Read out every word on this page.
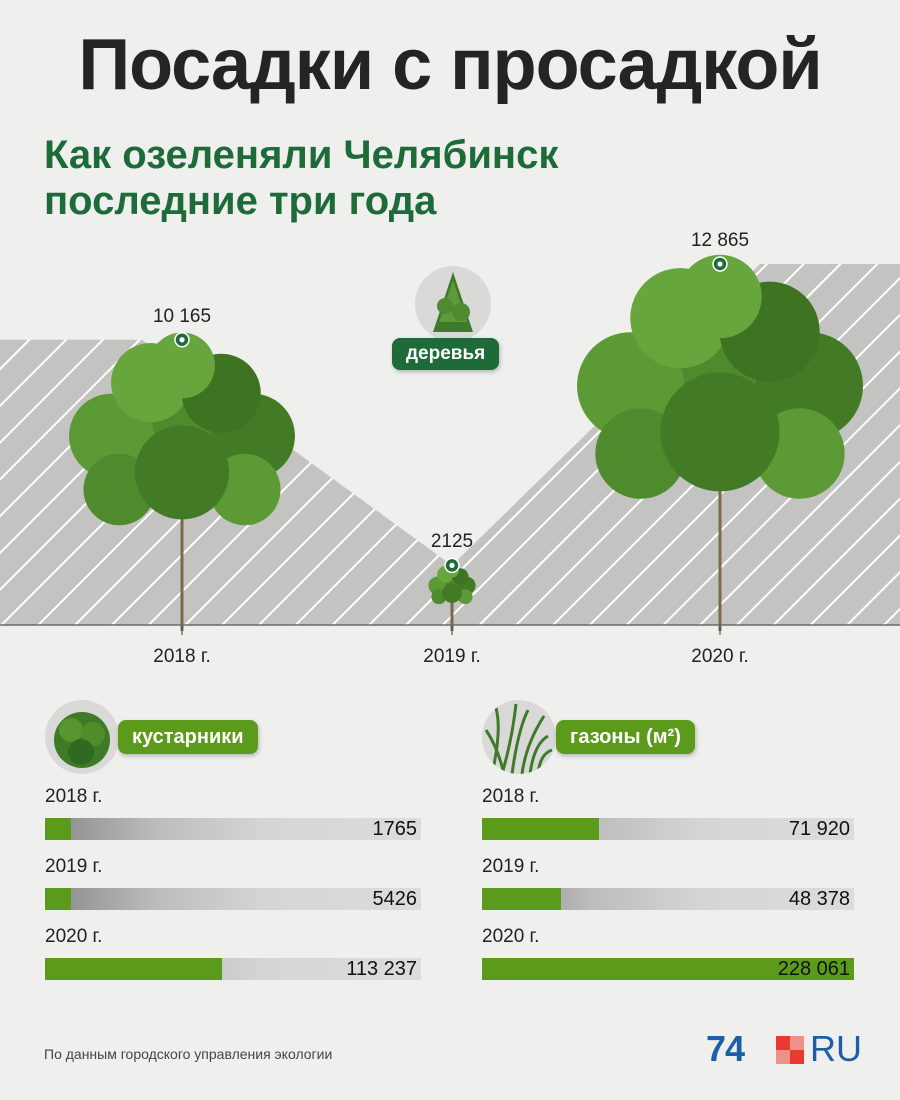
Посадки с просадкой
Как озеленяли Челябинск
последние три года
10 165
2018 г.
2125
2019 г.
12 865
2020 г.
деревья
кустарники
2018 г.
1765
2019 г.
5426
2020 г.
113 237
газоны (м²)
2018 г.
71 920
2019 г.
48 378
2020 г.
228 061
По данным городского управления экологии	74 RU
